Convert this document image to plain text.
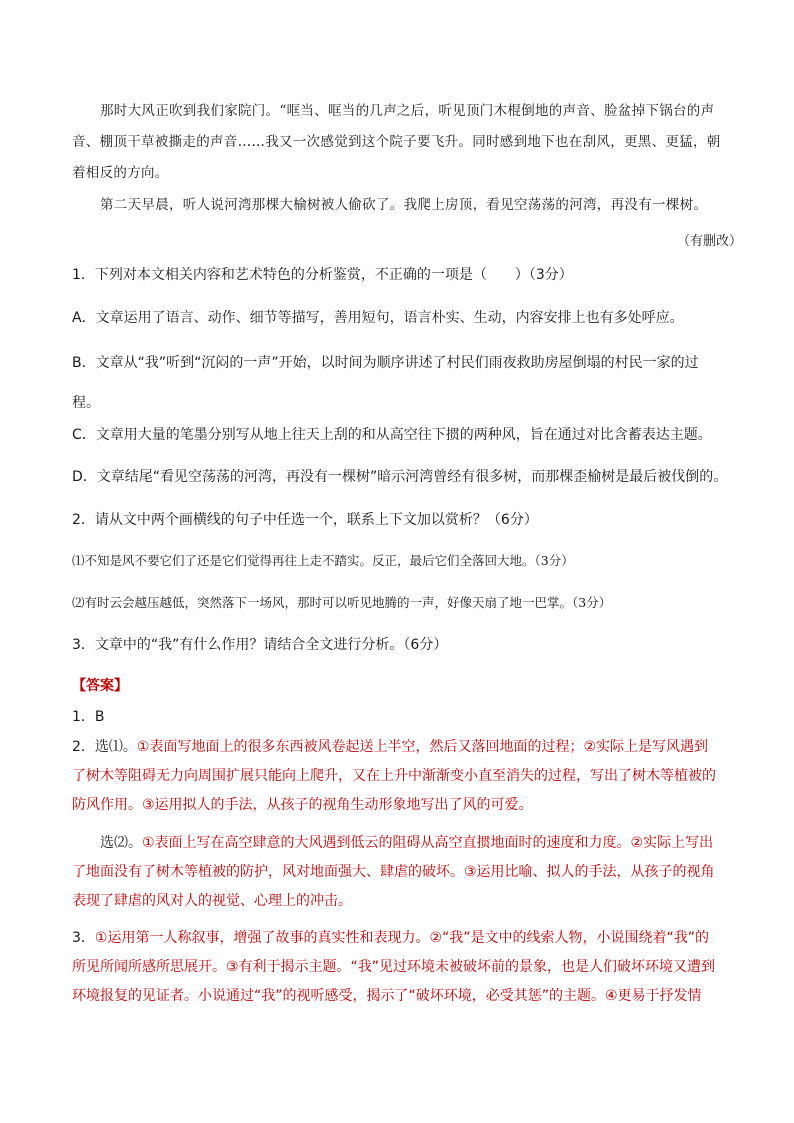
那时大风正吹到我们家院门。“哐当、哐当的几声之后，听见顶门木棍倒地的声音、脸盆掉下锅台的声音、棚顶干草被撕走的声音……我又一次感觉到这个院子要飞升。同时感到地下也在刮风，更黑、更猛，朝着相反的方向。

第二天早晨，听人说河湾那棵大榆树被人偷砍了。我爬上房顶，看见空荡荡的河湾，再没有一棵树。

（有删改）

1．下列对本文相关内容和艺术特色的分析鉴赏，不正确的一项是（　　）（3分）

A．文章运用了语言、动作、细节等描写，善用短句，语言朴实、生动，内容安排上也有多处呼应。

B．文章从“我”听到“沉闷的一声”开始，以时间为顺序讲述了村民们雨夜救助房屋倒塌的村民一家的过程。

C．文章用大量的笔墨分别写从地上往天上刮的和从高空往下掼的两种风，旨在通过对比含蓄表达主题。

D．文章结尾“看见空荡荡的河湾，再没有一棵树”暗示河湾曾经有很多树，而那棵歪榆树是最后被伐倒的。

2．请从文中两个画横线的句子中任选一个，联系上下文加以赏析？（6分）

⑴不知是风不要它们了还是它们觉得再往上走不踏实。反正，最后它们全落回大地。（3分）

⑵有时云会越压越低，突然落下一场风，那时可以听见地腾的一声，好像天扇了地一巴掌。（3分）

3．文章中的“我”有什么作用？请结合全文进行分析。（6分）

【答案】

1．B

2．选⑴。①表面写地面上的很多东西被风卷起送上半空，然后又落回地面的过程；②实际上是写风遇到了树木等阻碍无力向周围扩展只能向上爬升，又在上升中渐渐变小直至消失的过程，写出了树木等植被的防风作用。③运用拟人的手法，从孩子的视角生动形象地写出了风的可爱。

选⑵。①表面上写在高空肆意的大风遇到低云的阻碍从高空直掼地面时的速度和力度。②实际上写出了地面没有了树木等植被的防护，风对地面强大、肆虐的破坏。③运用比喻、拟人的手法，从孩子的视角表现了肆虐的风对人的视觉、心理上的冲击。

3．①运用第一人称叙事，增强了故事的真实性和表现力。②“我”是文中的线索人物，小说围绕着“我”的所见所闻所感所思展开。③有利于揭示主题。“我”见过环境未被破坏前的景象，也是人们破坏环境又遭到环境报复的见证者。小说通过“我”的视听感受，揭示了“破坏环境，必受其惩”的主题。④更易于抒发情
